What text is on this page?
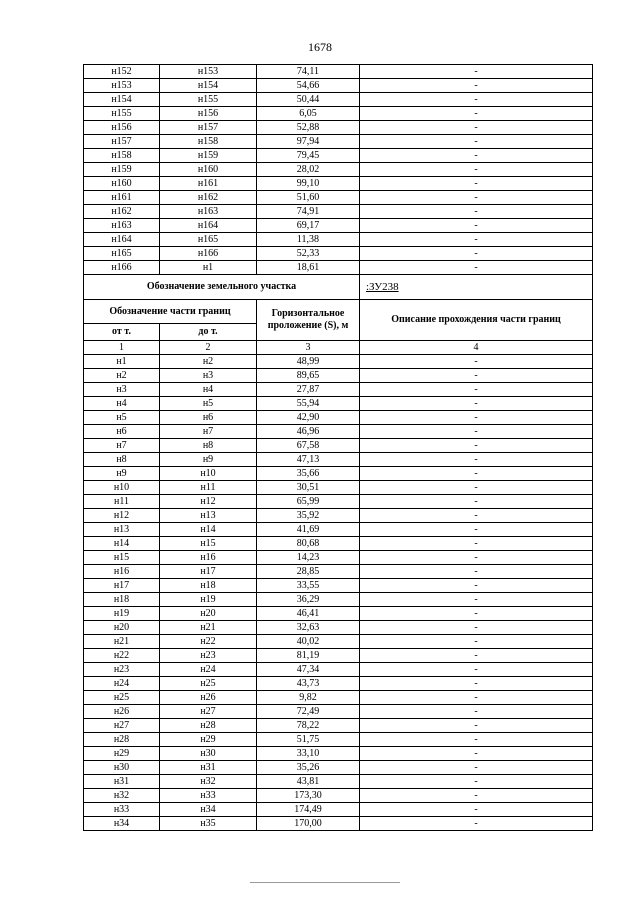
1678
н152	н153	74,11	-
н153	н154	54,66	-
н154	н155	50,44	-
н155	н156	6,05	-
н156	н157	52,88	-
н157	н158	97,94	-
н158	н159	79,45	-
н159	н160	28,02	-
н160	н161	99,10	-
н161	н162	51,60	-
н162	н163	74,91	-
н163	н164	69,17	-
н164	н165	11,38	-
н165	н166	52,33	-
н166	н1	18,61	-
Обозначение земельного участка			:ЗУ238
Обозначение части границ		Горизонтальное проложение (S), м	Описание прохождения части границ
от т.	до т.		
1	2	3	4
н1	н2	48,99	-
н2	н3	89,65	-
н3	н4	27,87	-
н4	н5	55,94	-
н5	н6	42,90	-
н6	н7	46,96	-
н7	н8	67,58	-
н8	н9	47,13	-
н9	н10	35,66	-
н10	н11	30,51	-
н11	н12	65,99	-
н12	н13	35,92	-
н13	н14	41,69	-
н14	н15	80,68	-
н15	н16	14,23	-
н16	н17	28,85	-
н17	н18	33,55	-
н18	н19	36,29	-
н19	н20	46,41	-
н20	н21	32,63	-
н21	н22	40,02	-
н22	н23	81,19	-
н23	н24	47,34	-
н24	н25	43,73	-
н25	н26	9,82	-
н26	н27	72,49	-
н27	н28	78,22	-
н28	н29	51,75	-
н29	н30	33,10	-
н30	н31	35,26	-
н31	н32	43,81	-
н32	н33	173,30	-
н33	н34	174,49	-
н34	н35	170,00	-
